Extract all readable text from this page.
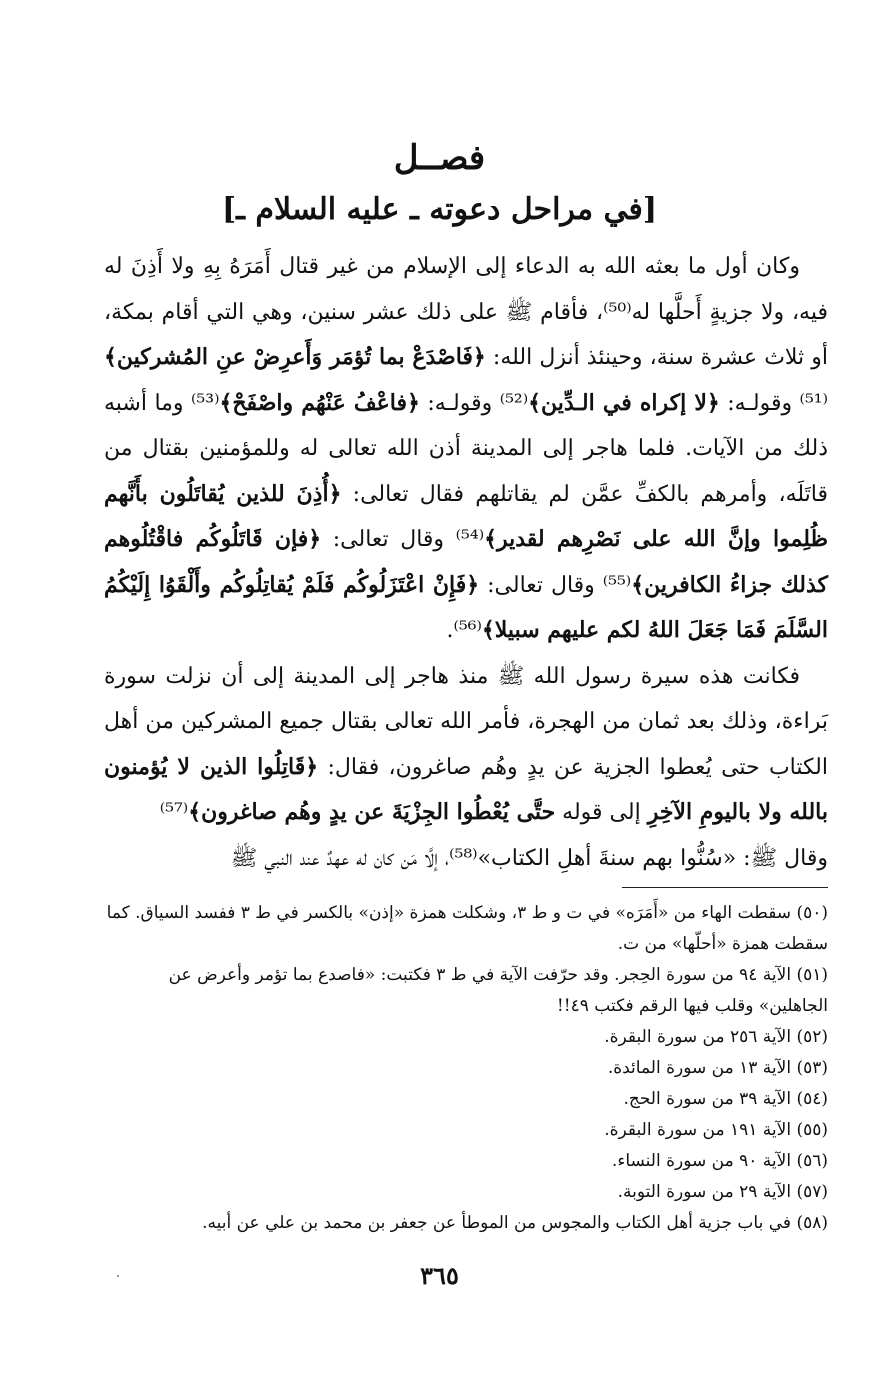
فصــل
[في مراحل دعوته ـ عليه السلام ـ]

وكان أول ما بعثه الله به الدعاء إلى الإسلام من غير قتال أَمَرَهُ بِهِ ولا أَذِنَ له فيه، ولا جزيةٍ أَحلَّها له⁽⁵⁰⁾، فأقام ﷺ على ذلك عشر سنين، وهي التي أقام بمكة، أو ثلاث عشرة سنة، وحينئذ أنزل الله: ﴿فَاصْدَعْ بما تُؤمَر وَأَعرِضْ عنِ المُشركين﴾⁽⁵¹⁾ وقولـه: ﴿لا إكراه في الـدِّين﴾⁽⁵²⁾ وقولـه: ﴿فاعْفُ عَنْهُم واصْفَحْ﴾⁽⁵³⁾ وما أشبه ذلك من الآيات. فلما هاجر إلى المدينة أذن الله تعالى له وللمؤمنين بقتال من قاتَلَه، وأمرهم بالكفِّ عمَّن لم يقاتلهم فقال تعالى: ﴿أُذِنَ للذين يُقاتَلُون بأَنَّهم ظُلِموا وإنَّ الله على نَصْرِهم لقدير﴾⁽⁵⁴⁾ وقال تعالى: ﴿فإن قَاتَلُوكُم فاقْتُلُوهم كذلك جزاءُ الكافرين﴾⁽⁵⁵⁾ وقال تعالى: ﴿فَإِنْ اعْتَزَلُوكُم فَلَمْ يُقاتِلُوكُم وأَلْقَوُا إِلَيْكُمُ السَّلَمَ فَمَا جَعَلَ اللهُ لكم عليهم سبيلا﴾⁽⁵⁶⁾.

فكانت هذه سيرة رسول الله ﷺ منذ هاجر إلى المدينة إلى أن نزلت سورة بَراءة، وذلك بعد ثمان من الهجرة، فأمر الله تعالى بقتال جميع المشركين من أهل الكتاب حتى يُعطوا الجزية عن يدٍ وهُم صاغرون، فقال: ﴿قَاتِلُوا الذين لا يُؤمنون بالله ولا باليومِ الآخِرِ إلى قوله حتَّى يُعْطُوا الجِزْيَةَ عن يدٍ وهُم صاغرون﴾⁽⁵⁷⁾

وقال ﷺ: «سُنُّوا بهم سنةَ أهلِ الكتاب»⁽⁵⁸⁾، إلَّا مَن كان له عهدٌ عند النبي ﷺ

(٥٠) سقطت الهاء من «أَمَرَه» في ت و ط ٣، وشكلت همزة «إذن» بالكسر في ط ٣ ففسد السياق. كما سقطت همزة «أحلّها» من ت.

(٥١) الآية ٩٤ من سورة الحِجر. وقد حرّفت الآية في ط ٣ فكتبت: «فاصدع بما تؤمر وأعرض عن الجاهلين» وقلب فيها الرقم فكتب ٤٩!!

(٥٢) الآية ٢٥٦ من سورة البقرة.

(٥٣) الآية ١٣ من سورة المائدة.

(٥٤) الآية ٣٩ من سورة الحج.

(٥٥) الآية ١٩١ من سورة البقرة.

(٥٦) الآية ٩٠ من سورة النساء.

(٥٧) الآية ٢٩ من سورة التوبة.

(٥٨) في باب جزية أهل الكتاب والمجوس من الموطأ عن جعفر بن محمد بن علي عن أبيه.

٣٦٥
